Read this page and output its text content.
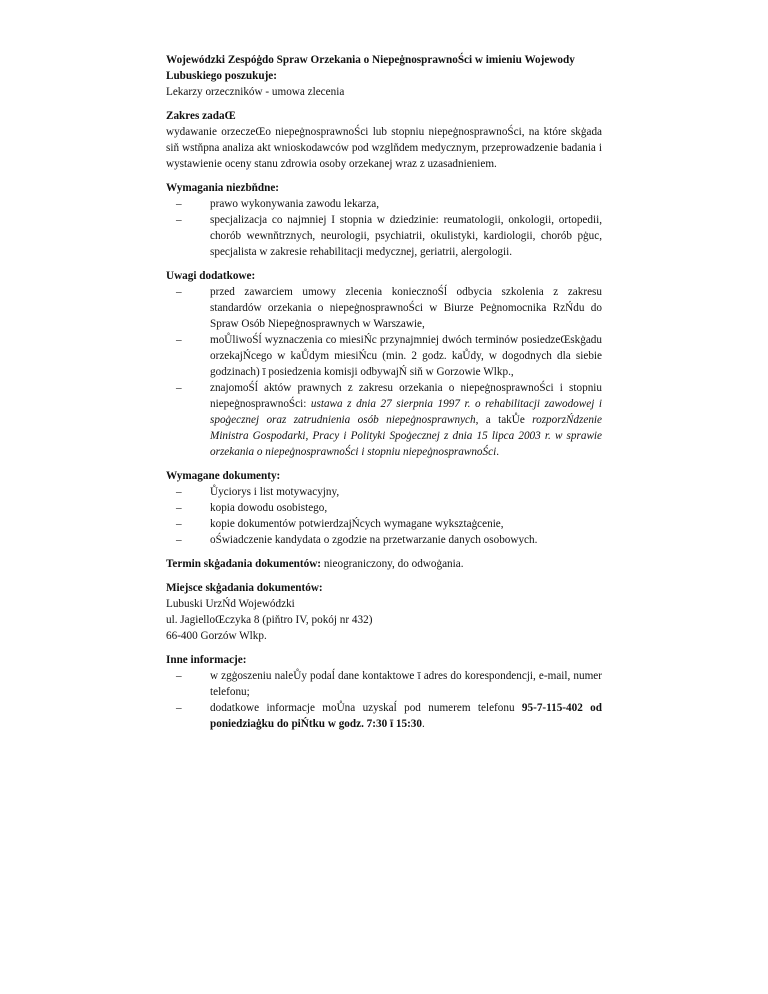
Wojewódzki Zespóġdo Spraw Orzekania o NiepeġnosprawnoŚci w imieniu Wojewody Lubuskiego poszukuje:
Lekarzy orzeczników - umowa zlecenia
Zakres zadaŒ
wydawanie orzeczeŒo niepeġnosprawnoŚci lub stopniu niepeġnosprawnoŚci, na które skġada siň wstňpna analiza akt wnioskodawców pod wzglňdem medycznym, przeprowadzenie badania i wystawienie oceny stanu zdrowia osoby orzekanej wraz z uzasadnieniem.
Wymagania niezbňdne:
–	prawo wykonywania zawodu lekarza,
–	specjalizacja co najmniej I stopnia w dziedzinie: reumatologii, onkologii, ortopedii, chorób wewnňtrznych, neurologii, psychiatrii, okulistyki, kardiologii, chorób pġuc, specjalista w zakresie rehabilitacji medycznej, geriatrii, alergologii.
Uwagi dodatkowe:
–	przed zawarciem umowy zlecenia koniecznoŚĺ odbycia szkolenia z zakresu standardów orzekania o niepeġnosprawnoŚci w Biurze Peġnomocnika RzŃdu do Spraw Osób Niepeġnosprawnych w Warszawie,
–	moŮliwoŚĺ wyznaczenia co miesiŃc przynajmniej dwóch terminów posiedzeŒskġadu orzekajŃcego w kaŮdym miesiŃcu (min. 2 godz. kaŮdy, w dogodnych dla siebie godzinach) ī posiedzenia komisji odbywajŃ siň w Gorzowie Wlkp.,
–	znajomoŚĺ aktów prawnych z zakresu orzekania o niepeġnosprawnoŚci i stopniu niepeġnosprawnoŚci: ustawa z dnia 27 sierpnia 1997 r. o rehabilitacji zawodowej i spoġecznej oraz zatrudnienia osób niepeġnosprawnych, a takŮe rozporzŃdzenie Ministra Gospodarki, Pracy i Polityki Spoġecznej z dnia 15 lipca 2003 r. w sprawie orzekania o niepeġnosprawnoŚci i stopniu niepeġnosprawnoŚci.
Wymagane dokumenty:
–	Ůyciorys i list motywacyjny,
–	kopia dowodu osobistego,
–	kopie dokumentów potwierdzajŃcych wymagane wyksztaġcenie,
–	oŚwiadczenie kandydata o zgodzie na przetwarzanie danych osobowych.
Termin skġadania dokumentów: nieograniczony, do odwoġania.
Miejsce skġadania dokumentów:
Lubuski UrzŃd Wojewódzki
ul. JagielloŒczyka 8 (piňtro IV, pokój nr 432)
66-400 Gorzów Wlkp.
Inne informacje:
–	w zgġoszeniu naleŮy podaĺ dane kontaktowe ī adres do korespondencji, e-mail, numer telefonu;
–	dodatkowe informacje moŮna uzyskaĺ pod numerem telefonu 95-7-115-402 od poniedziaġku do piŃtku w godz. 7:30 ī 15:30.
